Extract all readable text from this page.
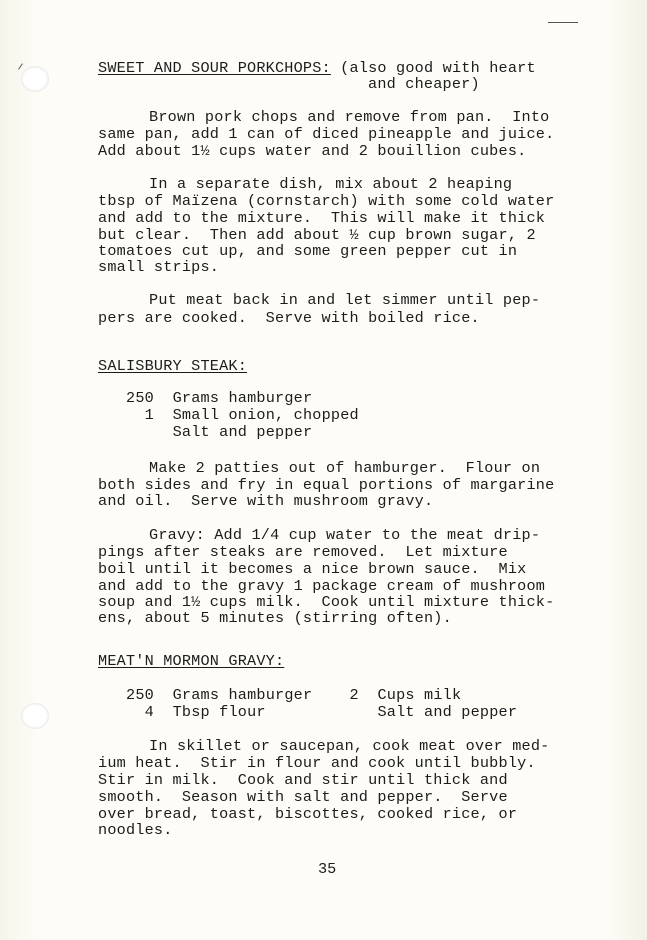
SWEET AND SOUR PORKCHOPS: (also good with heart
and cheaper)
Brown pork chops and remove from pan.  Into
same pan, add 1 can of diced pineapple and juice.
Add about 1½ cups water and 2 bouillion cubes.
In a separate dish, mix about 2 heaping
tbsp of Maïzena (cornstarch) with some cold water
and add to the mixture.  This will make it thick
but clear.  Then add about ½ cup brown sugar, 2
tomatoes cut up, and some green pepper cut in
small strips.
Put meat back in and let simmer until pep-
pers are cooked.  Serve with boiled rice.
SALISBURY STEAK:
250  Grams hamburger
1  Small onion, chopped
Salt and pepper
Make 2 patties out of hamburger.  Flour on
both sides and fry in equal portions of margarine
and oil.  Serve with mushroom gravy.
Gravy: Add 1/4 cup water to the meat drip-
pings after steaks are removed.  Let mixture
boil until it becomes a nice brown sauce.  Mix
and add to the gravy 1 package cream of mushroom
soup and 1½ cups milk.  Cook until mixture thick-
ens, about 5 minutes (stirring often).
MEAT'N MORMON GRAVY:
250  Grams hamburger    2  Cups milk
4  Tbsp flour            Salt and pepper
In skillet or saucepan, cook meat over med-
ium heat.  Stir in flour and cook until bubbly.
Stir in milk.  Cook and stir until thick and
smooth.  Season with salt and pepper.  Serve
over bread, toast, biscottes, cooked rice, or
noodles.
35
